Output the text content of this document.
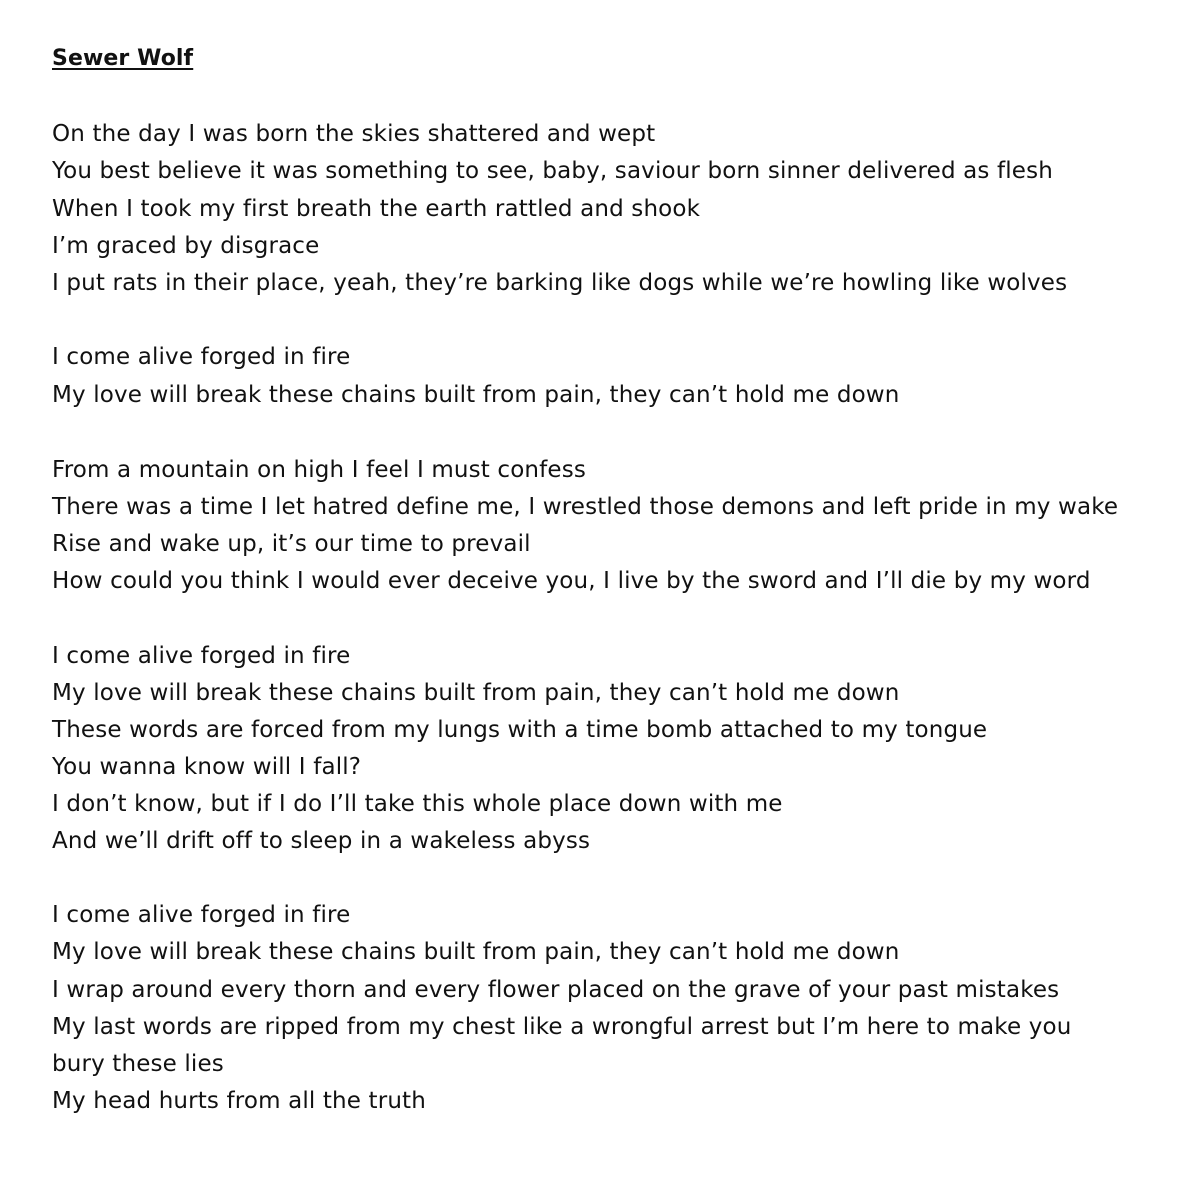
Sewer Wolf
On the day I was born the skies shattered and wept
You best believe it was something to see, baby, saviour born sinner delivered as flesh
When I took my first breath the earth rattled and shook
I’m graced by disgrace
I put rats in their place, yeah, they’re barking like dogs while we’re howling like wolves
I come alive forged in fire
My love will break these chains built from pain, they can’t hold me down
From a mountain on high I feel I must confess
There was a time I let hatred define me, I wrestled those demons and left pride in my wake
Rise and wake up, it’s our time to prevail
How could you think I would ever deceive you, I live by the sword and I’ll die by my word
I come alive forged in fire
My love will break these chains built from pain, they can’t hold me down
These words are forced from my lungs with a time bomb attached to my tongue
You wanna know will I fall?
I don’t know, but if I do I’ll take this whole place down with me
And we’ll drift off to sleep in a wakeless abyss
I come alive forged in fire
My love will break these chains built from pain, they can’t hold me down
I wrap around every thorn and every flower placed on the grave of your past mistakes
My last words are ripped from my chest like a wrongful arrest but I’m here to make you
bury these lies
My head hurts from all the truth
